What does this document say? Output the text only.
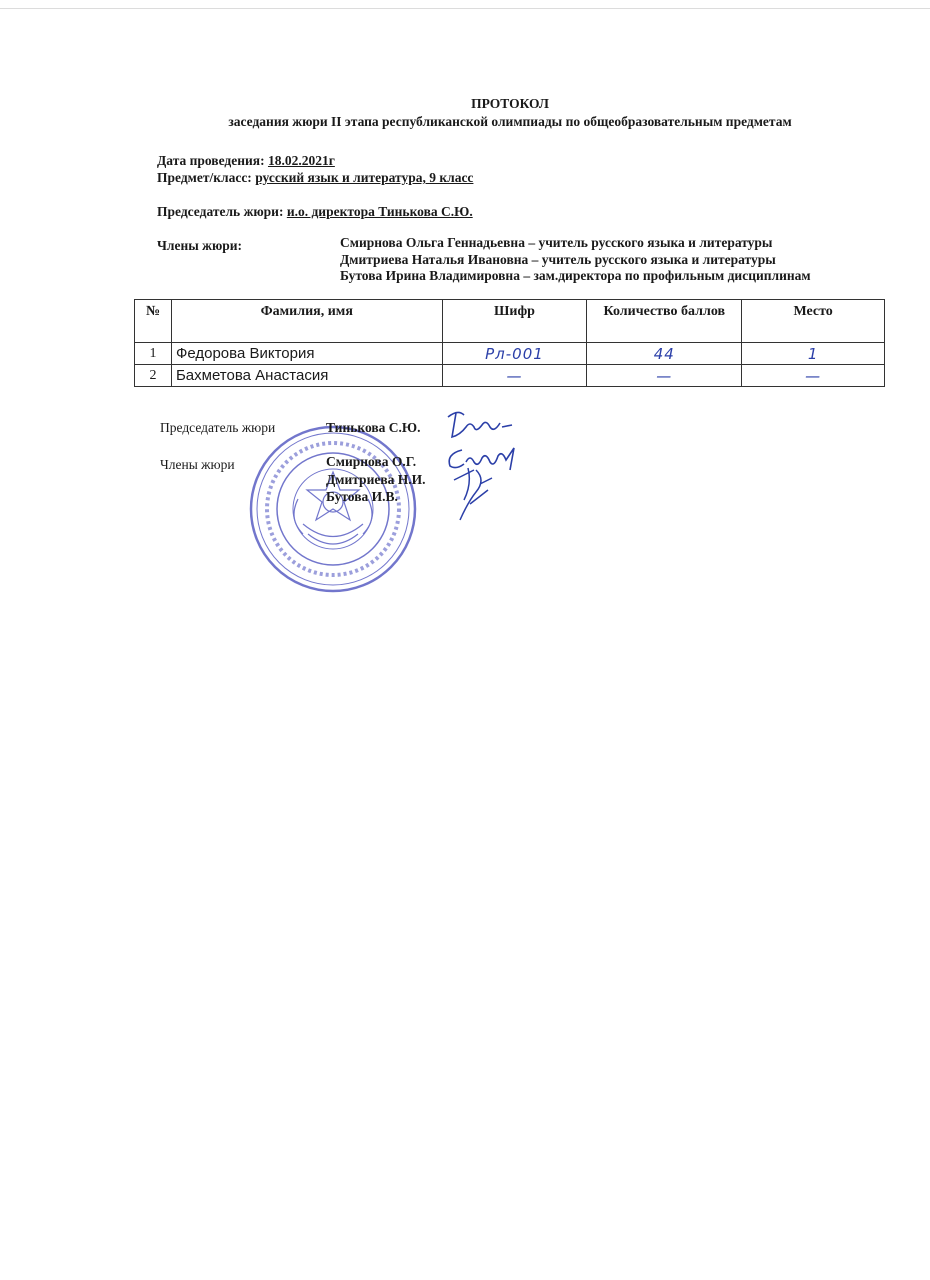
ПРОТОКОЛ
заседания жюри II этапа республиканской олимпиады по общеобразовательным предметам
Дата проведения: 18.02.2021г
Предмет/класс: русский язык и литература, 9 класс
Председатель жюри: и.о. директора Тинькова С.Ю.
Члены жюри:	Смирнова Ольга Геннадьевна – учитель русского языка и литературы
Дмитриева Наталья Ивановна – учитель русского языка и литературы
Бутова Ирина Владимировна – зам.директора по профильным дисциплинам
№	Фамилия, имя	Шифр	Количество баллов	Место
1	Федорова Виктория	Рл-001	44	1
2	Бахметова Анастасия	—	—	—
Председатель жюри	Тинькова С.Ю.
Члены жюри	Смирнова О.Г.
Дмитриева Н.И.
Бутова И.В.
